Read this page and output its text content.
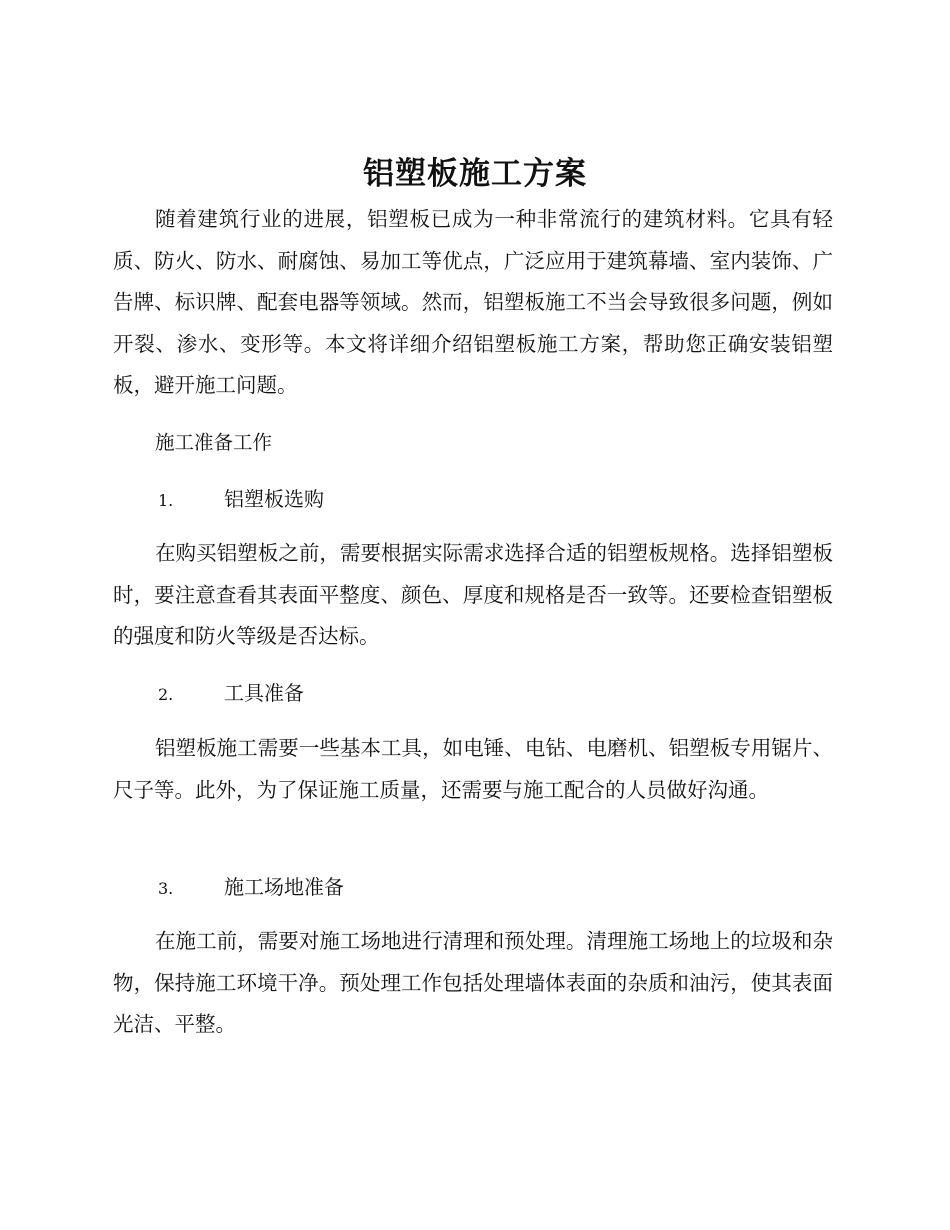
铝塑板施工方案

随着建筑行业的进展，铝塑板已成为一种非常流行的建筑材料。它具有轻质、防火、防水、耐腐蚀、易加工等优点，广泛应用于建筑幕墙、室内装饰、广告牌、标识牌、配套电器等领域。然而，铝塑板施工不当会导致很多问题，例如开裂、渗水、变形等。本文将详细介绍铝塑板施工方案，帮助您正确安装铝塑板，避开施工问题。

施工准备工作
1.	铝塑板选购

在购买铝塑板之前，需要根据实际需求选择合适的铝塑板规格。选择铝塑板时，要注意查看其表面平整度、颜色、厚度和规格是否一致等。还要检查铝塑板的强度和防火等级是否达标。

2.	工具准备

铝塑板施工需要一些基本工具，如电锤、电钻、电磨机、铝塑板专用锯片、尺子等。此外，为了保证施工质量，还需要与施工配合的人员做好沟通。

3.	施工场地准备

在施工前，需要对施工场地进行清理和预处理。清理施工场地上的垃圾和杂物，保持施工环境干净。预处理工作包括处理墙体表面的杂质和油污，使其表面光洁、平整。
